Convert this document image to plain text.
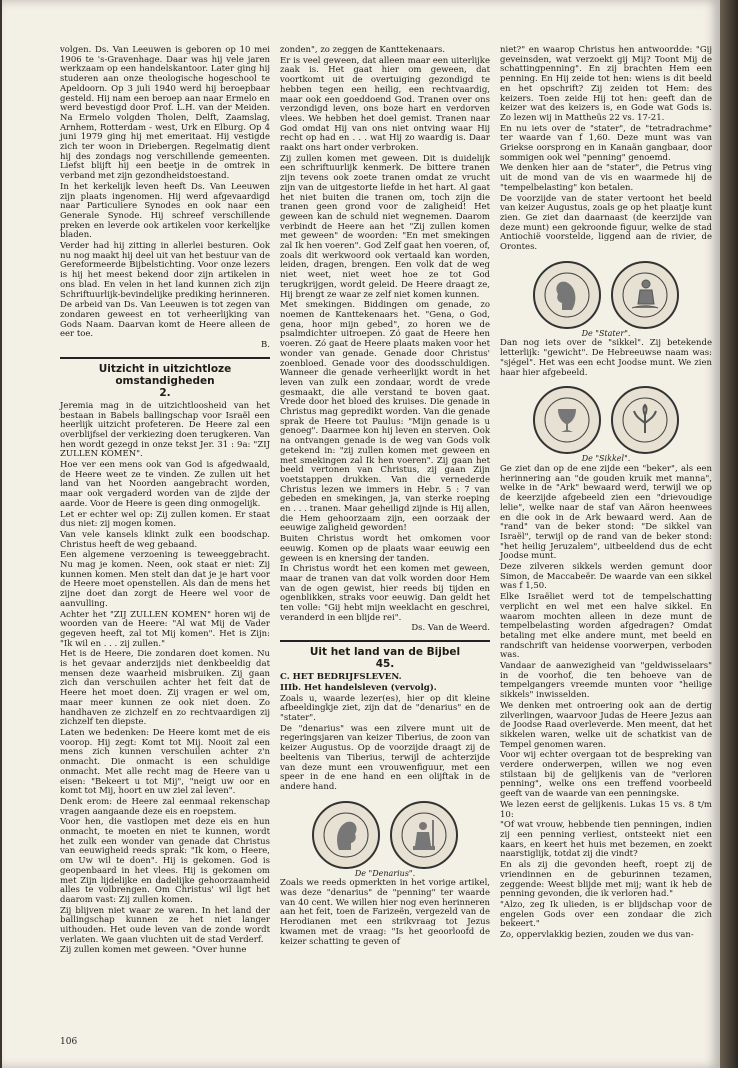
volgen. Ds. Van Leeuwen is geboren op 10 mei 1906 te 's-Gravenhage. Daar was hij vele jaren werkzaam op een handelskantoor. Later ging hij studeren aan onze theologische hogeschool te Apeldoorn. Op 3 juli 1940 werd hij beroepbaar gesteld. Hij nam een beroep aan naar Ermelo en werd bevestigd door Prof. L.H. van der Meiden. Na Ermelo volgden Tholen, Delft, Zaamslag, Arnhem, Rotterdam - west, Urk en Elburg. Op 4 juni 1979 ging hij met emeritaat. Hij vestigde zich ter woon in Driebergen. Regelmatig dient hij des zondags nog verschillende gemeenten. Liefst blijft hij een beetje in de omtrek in verband met zijn gezondheidstoestand.

In het kerkelijk leven heeft Ds. Van Leeuwen zijn plaats ingenomen. Hij werd afgevaardigd naar Particuliere Synodes en ook naar een Generale Synode. Hij schreef verschillende preken en leverde ook artikelen voor kerkelijke bladen.

Verder had hij zitting in allerlei besturen. Ook nu nog maakt hij deel uit van het bestuur van de Gereformeerde Bijbelstichting. Voor onze lezers is hij het meest bekend door zijn artikelen in ons blad. En velen in het land kunnen zich zijn Schriftuurlijk-bevindelijke prediking herinneren.

De arbeid van Ds. Van Leeuwen is tot zegen van zondaren geweest en tot verheerlijking van Gods Naam. Daarvan komt de Heere alleen de eer toe.

B.

Uitzicht in uitzichtloze omstandigheden
2.

Jeremia mag in de uitzichtloosheid van het bestaan in Babels ballingschap voor Israël een heerlijk uitzicht profeteren. De Heere zal een overblijfsel der verkiezing doen terugkeren. Van hen wordt gezegd in onze tekst Jer. 31 : 9a: "ZIJ ZULLEN KOMEN".

Hoe ver een mens ook van God is afgedwaald, de Heere weet ze te vinden. Ze zullen uit het land van het Noorden aangebracht worden, maar ook vergaderd worden van de zijde der aarde. Voor de Heere is geen ding onmogelijk.

Let er echter wel op: Zij zullen komen. Er staat dus niet: zij mogen komen.

Van vele kansels klinkt zulk een boodschap. Christus heeft de weg gebaand.

Een algemene verzoening is teweeggebracht. Nu mag je komen. Neen, ook staat er niet: Zij kunnen komen. Men stelt dan dat je je hart voor de Heere moet openstellen. Als dan de mens het zijne doet dan zorgt de Heere wel voor de aanvulling.

Achter het "ZIJ ZULLEN KOMEN" horen wij de woorden van de Heere: "Al wat Mij de Vader gegeven heeft, zal tot Mij komen". Het is Zijn: "Ik wil en . . . zij zullen."

Het is de Heere, Die zondaren doet komen. Nu is het gevaar anderzijds niet denkbeeldig dat mensen deze waarheid misbruiken. Zij gaan zich dan verschuilen achter het feit dat de Heere het moet doen. Zij vragen er wel om, maar meer kunnen ze ook niet doen. Zo handhaven ze zichzelf en zo rechtvaardigen zij zichzelf ten diepste.

Laten we bedenken: De Heere komt met de eis voorop. Hij zegt: Komt tot Mij. Nooit zal een mens zich kunnen verschuilen achter z'n onmacht. Die onmacht is een schuldige onmacht. Met alle recht mag de Heere van u eisen: "Bekeert u tot Mij", "neigt uw oor en komt tot Mij, hoort en uw ziel zal leven".

Denk erom: de Heere zal eenmaal rekenschap vragen aangaande deze eis en roepstem.

Voor hen, die vastlopen met deze eis en hun onmacht, te moeten en niet te kunnen, wordt het zulk een wonder van genade dat Christus van eeuwigheid reeds sprak: "Ik kom, o Heere, om Uw wil te doen". Hij is gekomen. God is geopenbaard in het vlees. Hij is gekomen om met Zijn lijdelijke en dadelijke gehoorzaamheid alles te volbrengen. Om Christus' wil ligt het daarom vast: Zij zullen komen.

Zij blijven niet waar ze waren. In het land der ballingschap kunnen ze het niet langer uithouden. Het oude leven van de zonde wordt verlaten. We gaan vluchten uit de stad Verderf.

Zij zullen komen met geween. "Over hunne

zonden", zo zeggen de Kanttekenaars.

Er is veel geween, dat alleen maar een uiterlijke zaak is. Het gaat hier om geween, dat voortkomt uit de overtuiging gezondigd te hebben tegen een heilig, een rechtvaardig, maar ook een goeddoend God. Tranen over ons verzondigd leven, ons boze hart en verdorven vlees. We hebben het doel gemist. Tranen naar God omdat Hij van ons niet ontving waar Hij recht op had en . . . wat Hij zo waardig is. Daar raakt ons hart onder verbroken.

Zij zullen komen met geween. Dit is duidelijk een schriftuurlijk kenmerk. De bittere tranen zijn tevens ook zoete tranen omdat ze vrucht zijn van de uitgestorte liefde in het hart. Al gaat het niet buiten die tranen om, toch zijn die tranen geen grond voor de zaligheid! Het geween kan de schuld niet wegnemen. Daarom verbindt de Heere aan het "Zij zullen komen met geween" de woorden: "En met smekingen zal Ik hen voeren". God Zelf gaat hen voeren, of, zoals dit werkwoord ook vertaald kan worden, leiden, dragen, brengen. Een volk dat de weg niet weet, niet weet hoe ze tot God terugkrijgen, wordt geleid. De Heere draagt ze, Hij brengt ze waar ze zelf niet komen kunnen.

Met smekingen. Biddingen om genade, zo noemen de Kanttekenaars het. "Gena, o God, gena, hoor mijn gebed", zo horen we de psalmdichter uitroepen. Zó gaat de Heere hen voeren. Zó gaat de Heere plaats maken voor het wonder van genade. Genade door Christus' zoenbloed. Genade voor des doodsschuldigen. Wanneer die genade verheerlijkt wordt in het leven van zulk een zondaar, wordt de vrede gesmaakt, die alle verstand te boven gaat. Vrede door het bloed des kruises. Die genade in Christus mag gepredikt worden. Van die genade sprak de Heere tot Paulus: "Mijn genade is u genoeg". Daarmee kon hij leven en sterven. Ook na ontvangen genade is de weg van Gods volk getekend in: "zij zullen komen met geween en met smekingen zal Ik hen voeren". Zij gaan het beeld vertonen van Christus, zij gaan Zijn voetstappen drukken. Van die vernederde Christus lezen we immers in Hebr. 5 : 7 van gebeden en smekingen, ja, van sterke roeping en . . . tranen. Maar geheiligd zijnde is Hij allen, die Hem gehoorzaam zijn, een oorzaak der eeuwige zaligheid geworden!

Buiten Christus wordt het omkomen voor eeuwig. Komen op de plaats waar eeuwig een geween is en knersing der tanden.

In Christus wordt het een komen met geween, maar de tranen van dat volk worden door Hem van de ogen gewist, hier reeds bij tijden en ogenblikken, straks voor eeuwig. Dan geldt het ten volle: "Gij hebt mijn weeklacht en geschrei, veranderd in een blijde rei".

Ds. Van de Weerd.

Uit het land van de Bijbel
45.

C. HET BEDRIJFSLEVEN.

IIIb. Het handelsleven (vervolg).

Zoals u, waarde lezer(es), hier op dit kleine afbeeldingkje ziet, zijn dat de "denarius" en de "stater".

De "denarius" was een zilvere munt uit de regeringsjaren van keizer Tiberius, de zoon van keizer Augustus. Op de voorzijde draagt zij de beeltenis van Tiberius, terwijl de achterzijde van deze munt een vrouwenfiguur, met een speer in de ene hand en een olijftak in de andere hand.

De "Denarius".

Zoals we reeds opmerkten in het vorige artikel, was deze "denarius" de "penning" ter waarde van 40 cent. We willen hier nog even herinneren aan het feit, toen de Farizeën, vergezeld van de Herodianen met een strikvraag tot Jezus kwamen met de vraag: "Is het geoorloofd de keizer schatting te geven of

niet?" en waarop Christus hen antwoordde: "Gij geveinsden, wat verzoekt gij Mij? Toont Mij de schattingpenning". En zij brachten Hem een penning. En Hij zeide tot hen: wiens is dit beeld en het opschrift? Zij zeiden tot Hem: des keizers. Toen zeide Hij tot hen: geeft dan de keizer wat des keizers is, en Gode wat Gods is. Zo lezen wij in Mattheüs 22 vs. 17-21.

En nu iets over de "stater", de "tetradrachme" ter waarde van f 1,60. Deze munt was van Griekse oorsprong en in Kanaän gangbaar, door sommigen ook wel "penning" genoemd.

We denken hier aan de "stater", die Petrus ving uit de mond van de vis en waarmede hij de "tempelbelasting" kon betalen.

De voorzijde van de stater vertoont het beeld van keizer Augustus, zoals ge op het plaatje kunt zien. Ge ziet dan daarnaast (de keerzijde van deze munt) een gekroonde figuur, welke de stad Antiochië voorstelde, liggend aan de rivier, de Orontes.

De "Stater".

Dan nog iets over de "sikkel". Zij betekende letterlijk: "gewicht". De Hebreeuwse naam was: "sjégel". Het was een echt Joodse munt. We zien haar hier afgebeeld.

De "Sikkel".

Ge ziet dan op de ene zijde een "beker", als een herinnering aan "de gouden kruik met manna", welke in de "Ark" bewaard werd, terwijl we op de keerzijde afgebeeld zien een "drievoudige lelie", welke naar de staf van Aäron heenwees en die ook in de Ark bewaard werd. Aan de "rand" van de beker stond: "De sikkel van Israël", terwijl op de rand van de beker stond: "het heilig Jeruzalem", uitbeeldend dus de echt Joodse munt.

Deze zilveren sikkels werden gemunt door Simon, de Maccabeër. De waarde van een sikkel was f 1,50.

Elke Israëliet werd tot de tempelschatting verplicht en wel met een halve sikkel. En waarom mochten alleen in deze munt de tempelbelasting worden afgedragen? Omdat betaling met elke andere munt, met beeld en randschrift van heidense voorwerpen, verboden was.

Vandaar de aanwezigheid van "geldwisselaars" in de voorhof, die ten behoeve van de tempelgangers vreemde munten voor "heilige sikkels" inwisselden.

We denken met ontroering ook aan de dertig zilverlingen, waarvoor Judas de Heere Jezus aan de Joodse Raad overleverde. Men meent, dat het sikkelen waren, welke uit de schatkist van de Tempel genomen waren.

Voor wij echter overgaan tot de bespreking van verdere onderwerpen, willen we nog even stilstaan bij de gelijkenis van de "verloren penning", welke ons een treffend voorbeeld geeft van de waarde van een penningske.

We lezen eerst de gelijkenis. Lukas 15 vs. 8 t/m 10:

"Of wat vrouw, hebbende tien penningen, indien zij een penning verliest, ontsteekt niet een kaars, en keert het huis met bezemen, en zoekt naarstiglijk, totdat zij die vindt?

En als zij die gevonden heeft, roept zij de vriendinnen en de geburinnen tezamen, zeggende: Weest blijde met mij; want ik heb de penning gevonden, die ik verloren had."

"Alzo, zeg Ik ulieden, is er blijdschap voor de engelen Gods over een zondaar die zich bekeert."

Zo, oppervlakkig bezien, zouden we dus van-

106
